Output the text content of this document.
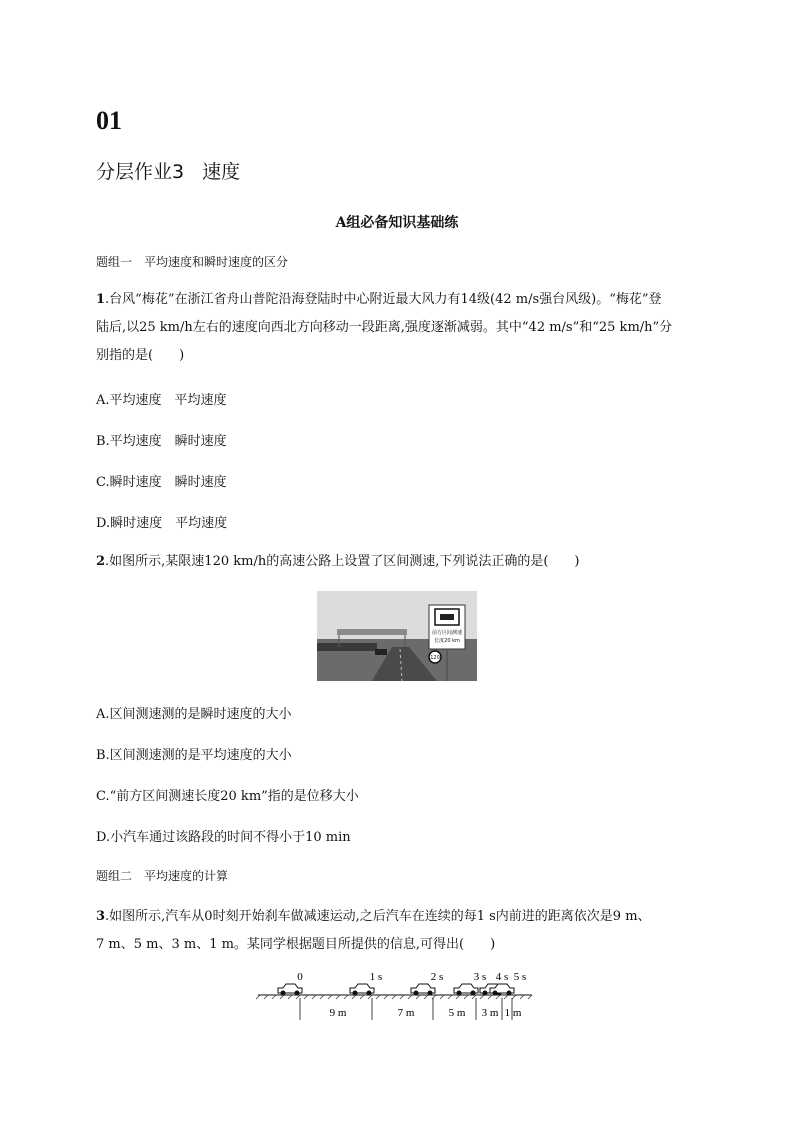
01
分层作业3 速度
A组必备知识基础练
题组一　平均速度和瞬时速度的区分
1.台风“梅花”在浙江省舟山普陀沿海登陆时中心附近最大风力有14级(42 m/s强台风级)。“梅花”登
陆后,以25 km/h左右的速度向西北方向移动一段距离,强度逐渐减弱。其中“42 m/s”和“25 km/h”分
别指的是(　　)
A.平均速度　平均速度
B.平均速度　瞬时速度
C.瞬时速度　瞬时速度
D.瞬时速度　平均速度
2.如图所示,某限速120 km/h的高速公路上设置了区间测速,下列说法正确的是(　　)
前方区间测速
长度20 km
120
A.区间测速测的是瞬时速度的大小
B.区间测速测的是平均速度的大小
C.“前方区间测速长度20 km”指的是位移大小
D.小汽车通过该路段的时间不得小于10 min
题组二　平均速度的计算
3.如图所示,汽车从0时刻开始刹车做减速运动,之后汽车在连续的每1 s内前进的距离依次是9 m、
7 m、5 m、3 m、1 m。某同学根据题目所提供的信息,可得出(　　)
0	1 s	2 s	3 s 4 s 5 s
9 m	7 m	5 m 3 m 1 m
